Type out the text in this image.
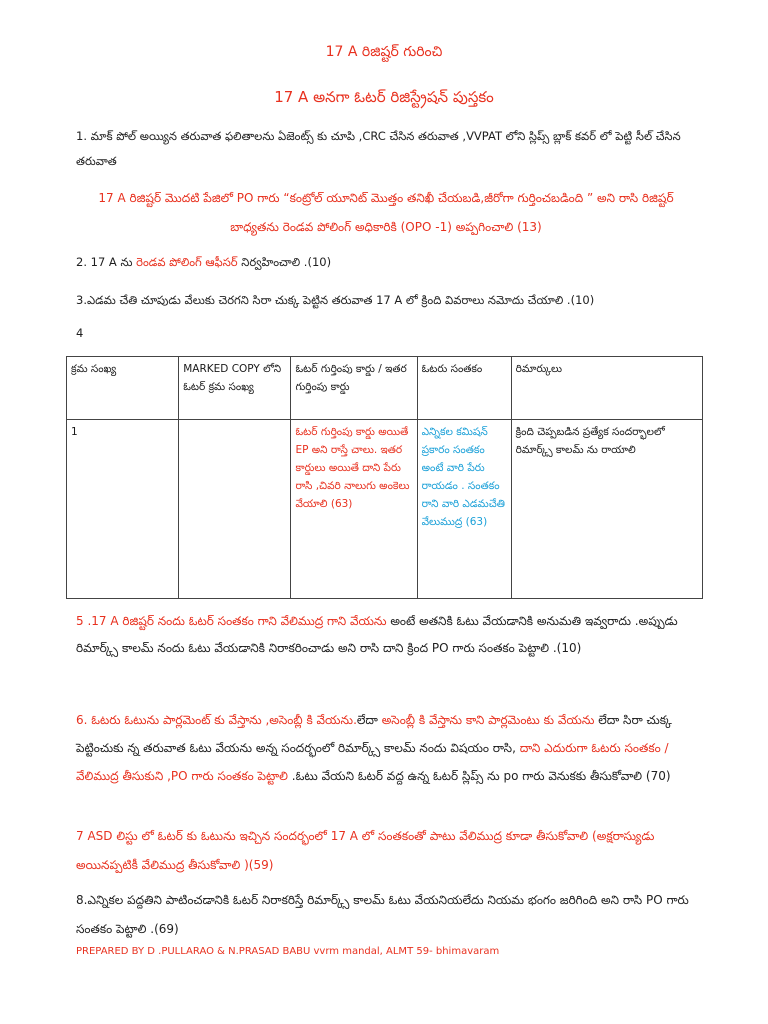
17 A రిజిష్టర్ గురించి
17 A అనగా ఓటర్ రిజిస్ట్రేషన్ పుస్తకం
1. మాక్ పోల్ అయ్యిన తరువాత ఫలితాలను ఏజెంట్స్ కు చూపి ,CRC చేసిన తరువాత ,VVPAT లోని స్లిప్స్ బ్లాక్ కవర్ లో పెట్టి సీల్ చేసిన తరువాత
17 A రిజిష్టర్ మొదటి పేజిలో PO గారు “కంట్రోల్ యూనిట్ మొత్తం తనిఖీ చేయబడి,జీరోగా గుర్తించబడింది ” అని రాసి రిజిష్టర్ బాధ్యతను రెండవ పోలింగ్ అధికారికి (OPO -1) అప్పగించాలి (13)
2. 17 A ను రెండవ పోలింగ్ ఆఫీసర్ నిర్వహించాలి .(10)
3.ఎడమ చేతి చూపుడు వేలుకు చెరగని సిరా చుక్క పెట్టిన తరువాత 17 A లో క్రింది వివరాలు నమోదు చేయాలి .(10)
4
క్రమ సంఖ్య	MARKED COPY లోని ఓటర్ క్రమ సంఖ్య	ఓటర్ గుర్తింపు కార్డు / ఇతర గుర్తింపు కార్డు	ఓటరు సంతకం	రిమార్కులు
1		ఓటర్ గుర్తింపు కార్డు అయితే EP అని రాస్తే చాలు. ఇతర కార్డులు అయితే దాని పేరు రాసి ,చివరి నాలుగు అంకెలు వేయాలి (63)	ఎన్నికల కమిషన్ ప్రకారం సంతకం అంటే వారి పేరు రాయడం . సంతకం రాని వారి ఎడమచేతి వేలుముద్ర (63)	క్రింది చెప్పబడిన ప్రత్యేక సందర్భాలలో రిమార్క్స్ కాలమ్ ను రాయాలి
5 .17 A రిజిష్టర్ నందు ఓటర్ సంతకం గాని వేలిముద్ర గాని వేయను అంటే అతనికి ఓటు వేయడానికి అనుమతి ఇవ్వరాదు .అప్పుడు రిమార్క్స్ కాలమ్ నందు ఓటు వేయడానికి నిరాకరించాడు అని రాసి దాని క్రింద PO గారు సంతకం పెట్టాలి .(10)
6. ఓటరు ఓటును పార్లమెంట్ కు వేస్తాను ,అసెంబ్లీ కి వేయను.లేదా అసెంబ్లీ కి వేస్తాను కాని పార్లమెంటు కు వేయను లేదా సిరా చుక్క పెట్టించుకు న్న తరువాత ఓటు వేయను అన్న సందర్భంలో రిమార్క్స్ కాలమ్ నందు విషయం రాసి, దాని ఎదురుగా ఓటరు సంతకం /వేలిముద్ర తీసుకుని ,PO గారు సంతకం పెట్టాలి .ఓటు వేయని ఓటర్ వద్ద ఉన్న ఓటర్ స్లిప్స్ ను po గారు వెనుకకు తీసుకోవాలి (70)
7 ASD లిస్టు లో ఓటర్ కు ఓటును ఇచ్చిన సందర్భంలో 17 A లో సంతకంతో పాటు వేలిముద్ర కూడా తీసుకోవాలి (అక్షరాస్యుడు అయినప్పటికీ వేలిముద్ర తీసుకోవాలి )(59)
8.ఎన్నికల పద్దతిని పాటించడానికి ఓటర్ నిరాకరిస్తే రిమార్క్స్ కాలమ్ ఓటు వేయనియలేదు నియమ భంగం జరిగింది అని రాసి PO గారు సంతకం పెట్టాలి .(69)
PREPARED BY D .PULLARAO & N.PRASAD BABU vvrm mandal, ALMT 59- bhimavaram
